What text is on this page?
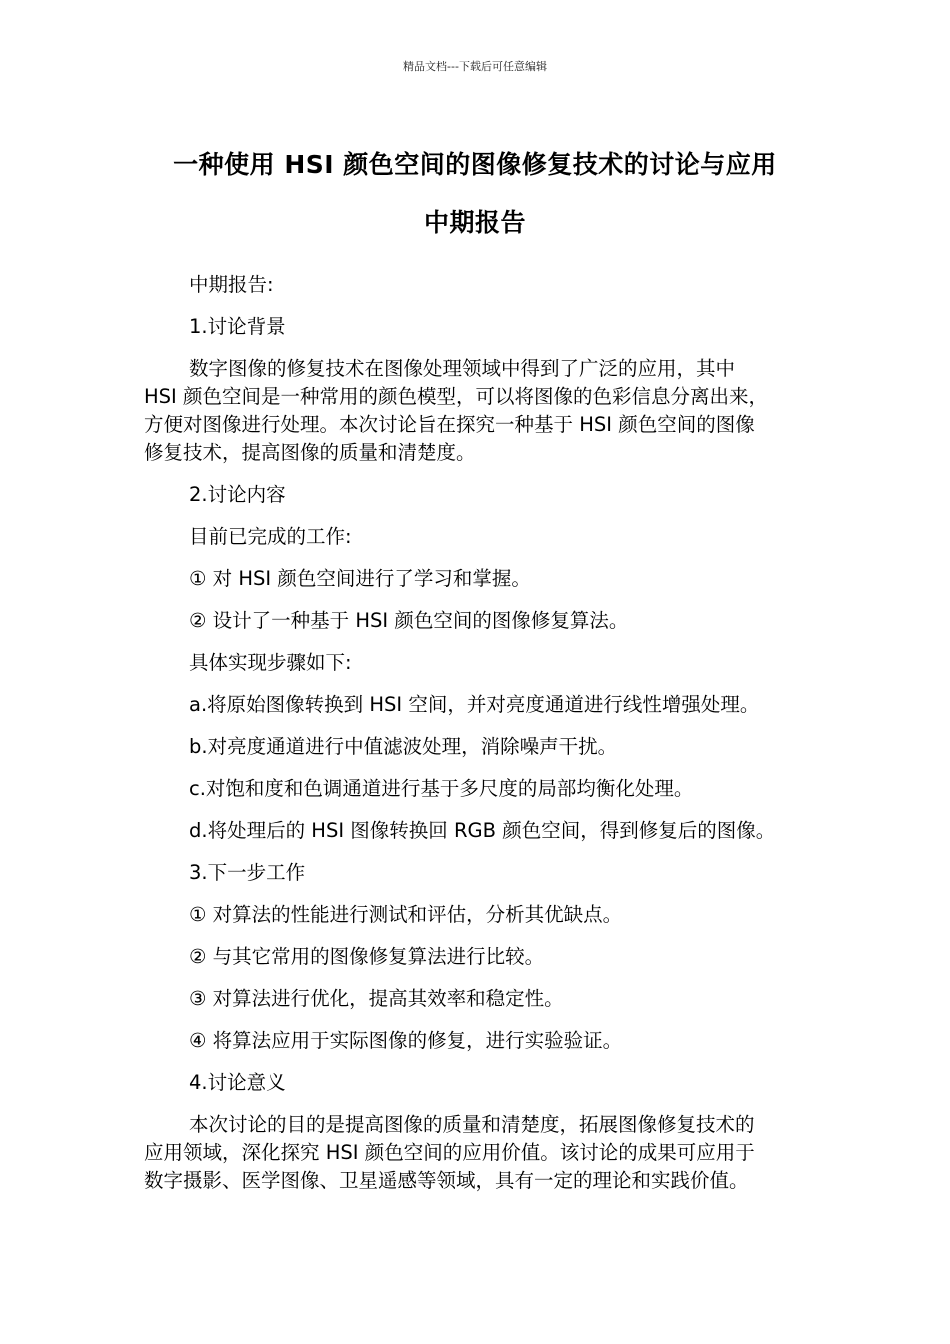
精品文档---下载后可任意编辑
一种使用 HSI 颜色空间的图像修复技术的讨论与应用
中期报告

中期报告:

1.讨论背景

数字图像的修复技术在图像处理领域中得到了广泛的应用，其中
HSI 颜色空间是一种常用的颜色模型，可以将图像的色彩信息分离出来，
方便对图像进行处理。本次讨论旨在探究一种基于 HSI 颜色空间的图像
修复技术，提高图像的质量和清楚度。

2.讨论内容

目前已完成的工作:

① 对 HSI 颜色空间进行了学习和掌握。

② 设计了一种基于 HSI 颜色空间的图像修复算法。

具体实现步骤如下:

a.将原始图像转换到 HSI 空间，并对亮度通道进行线性增强处理。

b.对亮度通道进行中值滤波处理，消除噪声干扰。

c.对饱和度和色调通道进行基于多尺度的局部均衡化处理。

d.将处理后的 HSI 图像转换回 RGB 颜色空间，得到修复后的图像。

3.下一步工作

① 对算法的性能进行测试和评估，分析其优缺点。

② 与其它常用的图像修复算法进行比较。

③ 对算法进行优化，提高其效率和稳定性。

④ 将算法应用于实际图像的修复，进行实验验证。

4.讨论意义

本次讨论的目的是提高图像的质量和清楚度，拓展图像修复技术的
应用领域，深化探究 HSI 颜色空间的应用价值。该讨论的成果可应用于
数字摄影、医学图像、卫星遥感等领域，具有一定的理论和实践价值。
